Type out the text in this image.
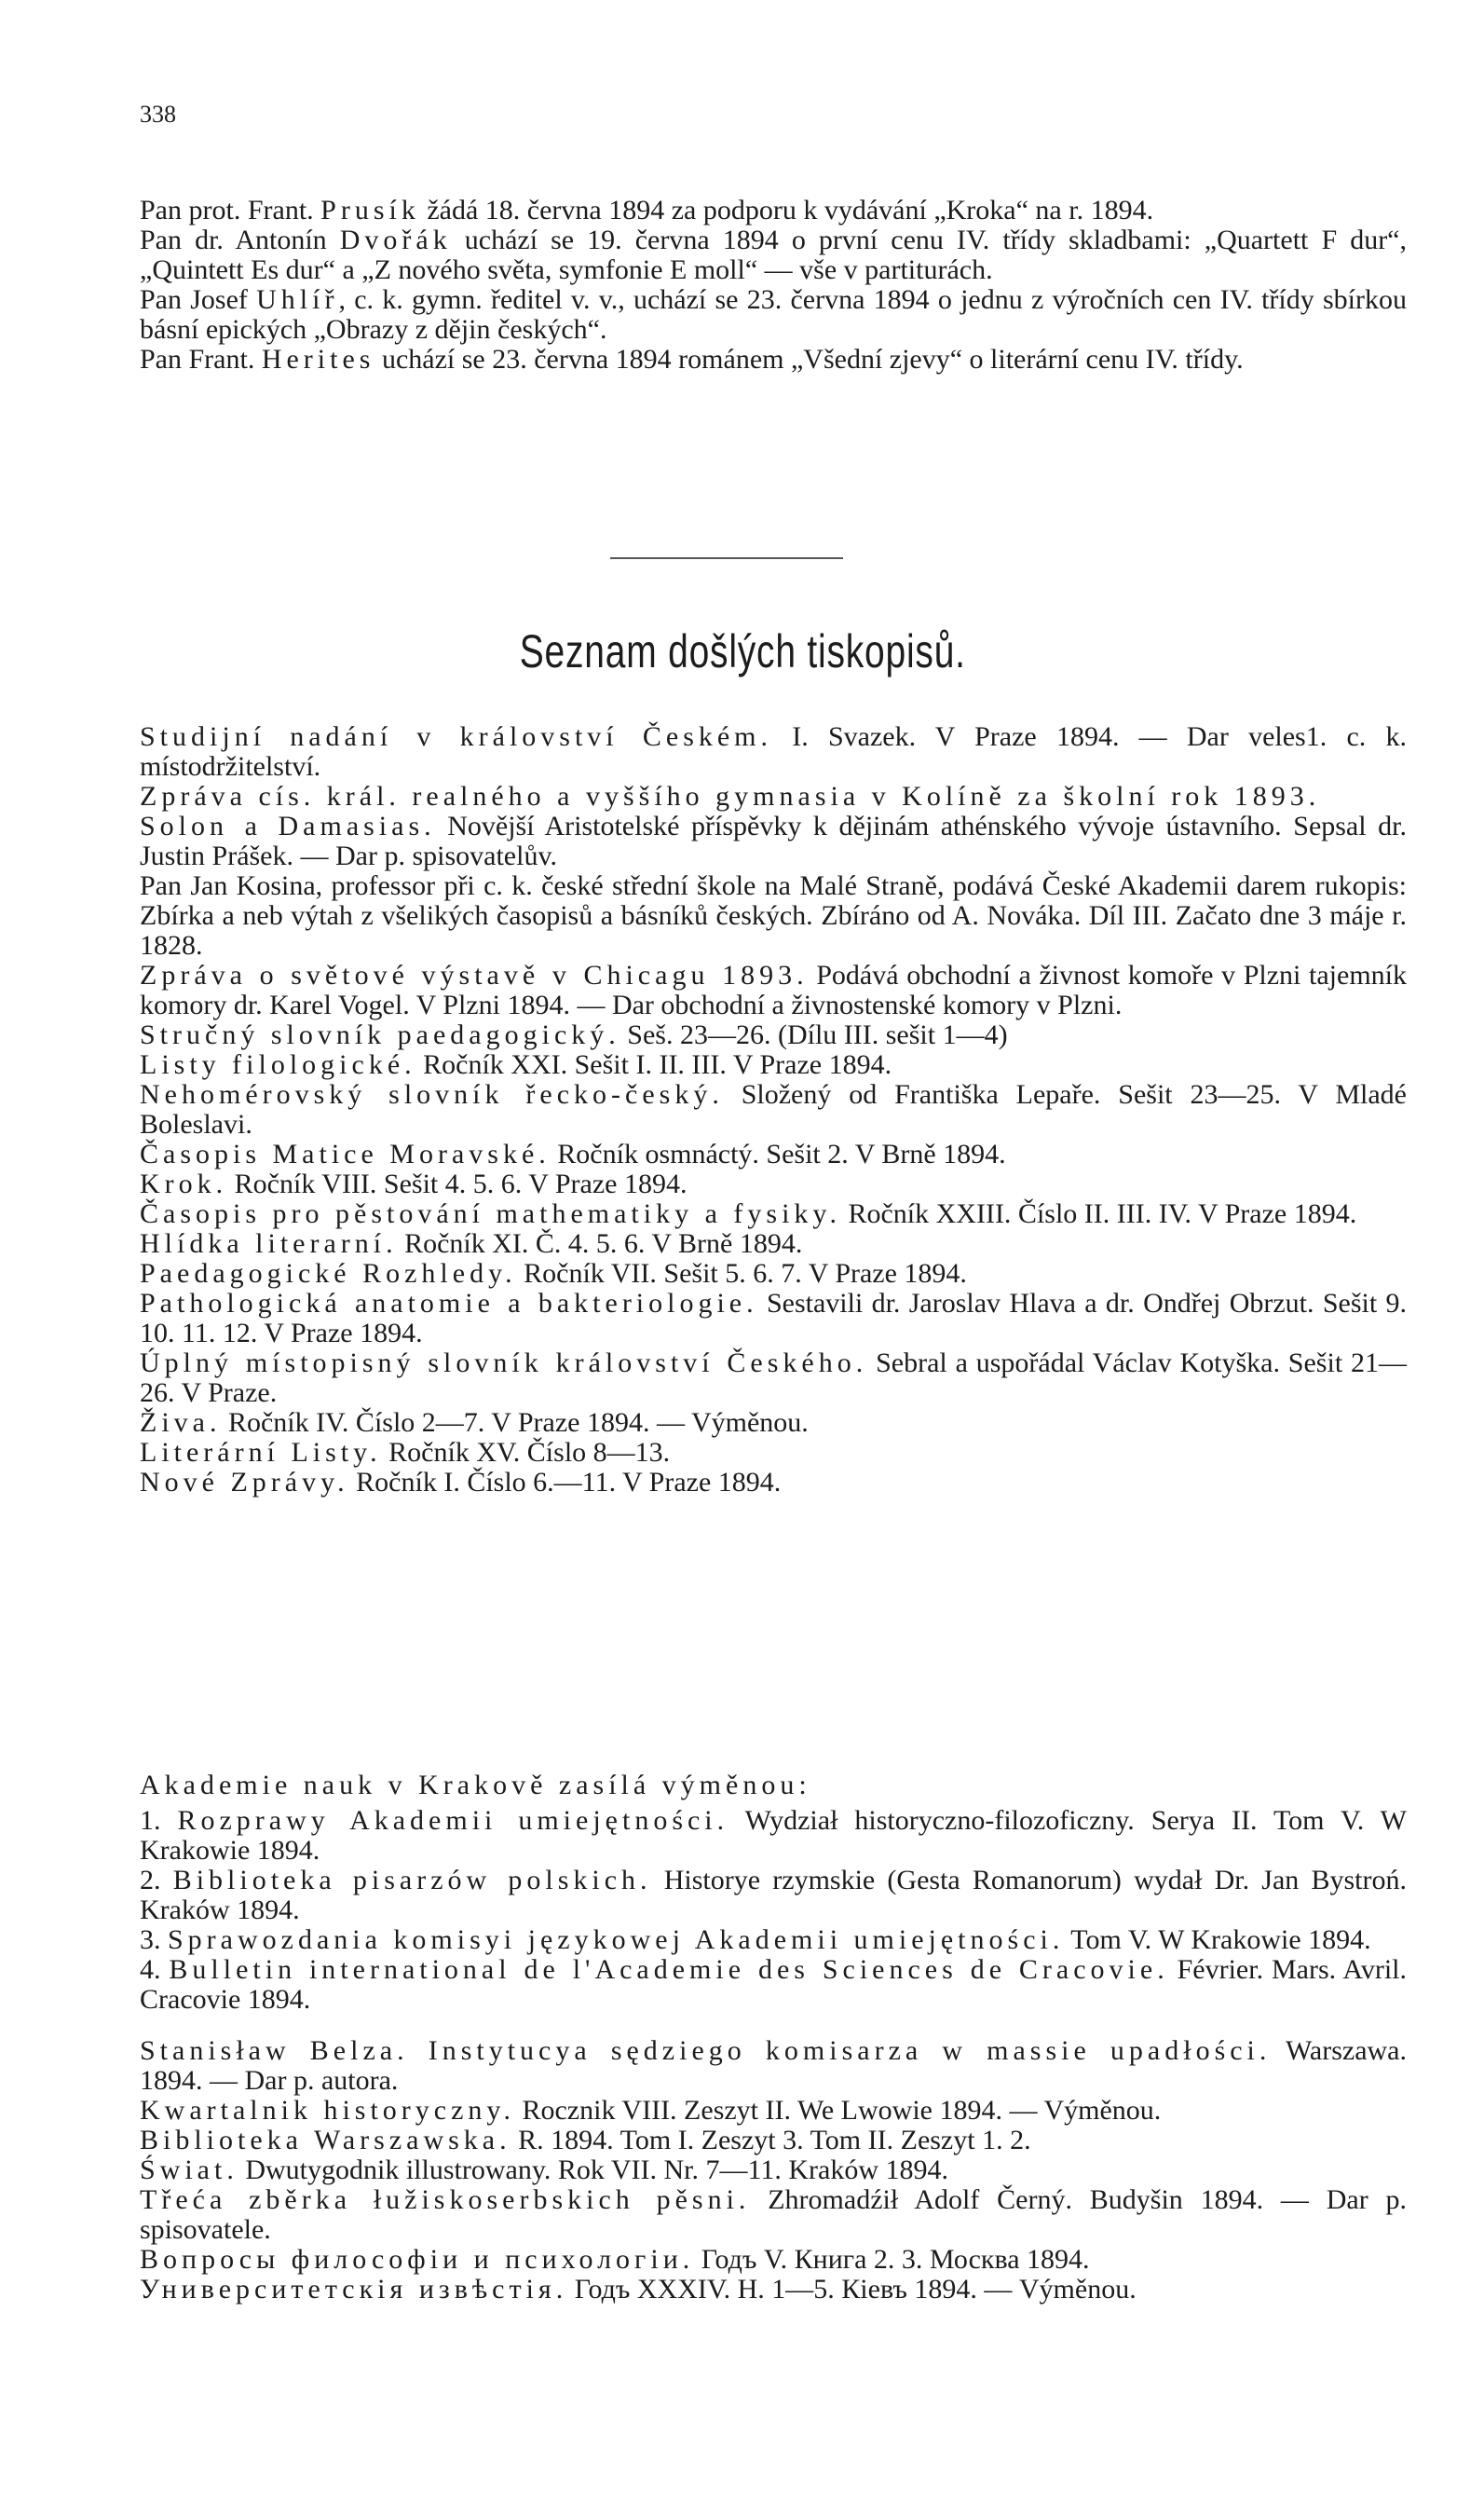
338

Pan prot. Frant. Prusík žádá 18. června 1894 za podporu k vydávání „Kroka“ na r. 1894.

Pan dr. Antonín Dvořák uchází se 19. června 1894 o první cenu IV. třídy skladbami: „Quartett F dur“, „Quintett Es dur“ a „Z nového světa, symfonie E moll“ — vše v partiturách.

Pan Josef Uhlíř, c. k. gymn. ředitel v. v., uchází se 23. června 1894 o jednu z výročních cen IV. třídy sbírkou básní epických „Obrazy z dějin českých“.

Pan Frant. Herites uchází se 23. června 1894 románem „Všední zjevy“ o literární cenu IV. třídy.

Seznam došlých tiskopisů.

Studijní nadání v království Českém. I. Svazek. V Praze 1894. — Dar veles1. c. k. místodržitelství.

Zpráva cís. král. realného a vyššího gymnasia v Kolíně za školní rok 1893.

Solon a Damasias. Novější Aristotelské příspěvky k dějinám athénského vývoje ústavního. Sepsal dr. Justin Prášek. — Dar p. spisovatelův.

Pan Jan Kosina, professor při c. k. české střední škole na Malé Straně, podává České Akademii darem rukopis: Zbírka a neb výtah z všelikých časopisů a básníků českých. Zbíráno od A. Nováka. Díl III. Začato dne 3 máje r. 1828.

Zpráva o světové výstavě v Chicagu 1893. Podává obchodní a živnost komoře v Plzni tajemník komory dr. Karel Vogel. V Plzni 1894. — Dar obchodní a živnostenské komory v Plzni.

Stručný slovník paedagogický. Seš. 23—26. (Dílu III. sešit 1—4)

Listy filologické. Ročník XXI. Sešit I. II. III. V Praze 1894.

Nehomérovský slovník řecko-český. Složený od Františka Lepaře. Sešit 23—25. V Mladé Boleslavi.

Časopis Matice Moravské. Ročník osmnáctý. Sešit 2. V Brně 1894.

Krok. Ročník VIII. Sešit 4. 5. 6. V Praze 1894.

Časopis pro pěstování mathematiky a fysiky. Ročník XXIII. Číslo II. III. IV. V Praze 1894.

Hlídka literarní. Ročník XI. Č. 4. 5. 6. V Brně 1894.

Paedagogické Rozhledy. Ročník VII. Sešit 5. 6. 7. V Praze 1894.

Pathologická anatomie a bakteriologie. Sestavili dr. Jaroslav Hlava a dr. Ondřej Obrzut. Sešit 9. 10. 11. 12. V Praze 1894.

Úplný místopisný slovník království Českého. Sebral a uspořádal Václav Kotyška. Sešit 21—26. V Praze.

Živa. Ročník IV. Číslo 2—7. V Praze 1894. — Výměnou.

Literární Listy. Ročník XV. Číslo 8—13.

Nové Zprávy. Ročník I. Číslo 6.—11. V Praze 1894.

Akademie nauk v Krakově zasílá výměnou:

1. Rozprawy Akademii umiejętności. Wydział historyczno-filozoficzny. Serya II. Tom V. W Krakowie 1894.

2. Biblioteka pisarzów polskich. Historye rzymskie (Gesta Romanorum) wydał Dr. Jan Bystroń. Kraków 1894.

3. Sprawozdania komisyi językowej Akademii umiejętności. Tom V. W Krakowie 1894.

4. Bulletin international de l'Academie des Sciences de Cracovie. Février. Mars. Avril. Cracovie 1894.

Stanisław Belza. Instytucya sędziego komisarza w massie upadłości. Warszawa. 1894. — Dar p. autora.

Kwartalnik historyczny. Rocznik VIII. Zeszyt II. We Lwowie 1894. — Výměnou.

Biblioteka Warszawska. R. 1894. Tom I. Zeszyt 3. Tom II. Zeszyt 1. 2.

Świat. Dwutygodnik illustrowany. Rok VII. Nr. 7—11. Kraków 1894.

Třeća zběrka łužiskoserbskich pěsni. Zhromadźił Adolf Černý. Budyšin 1894. — Dar p. spisovatele.

Вопросы философіи и психологіи. Годъ V. Книга 2. 3. Москва 1894.

Университетскія извѣстія. Годъ XXXIV. Н. 1—5. Кіевъ 1894. — Výměnou.
